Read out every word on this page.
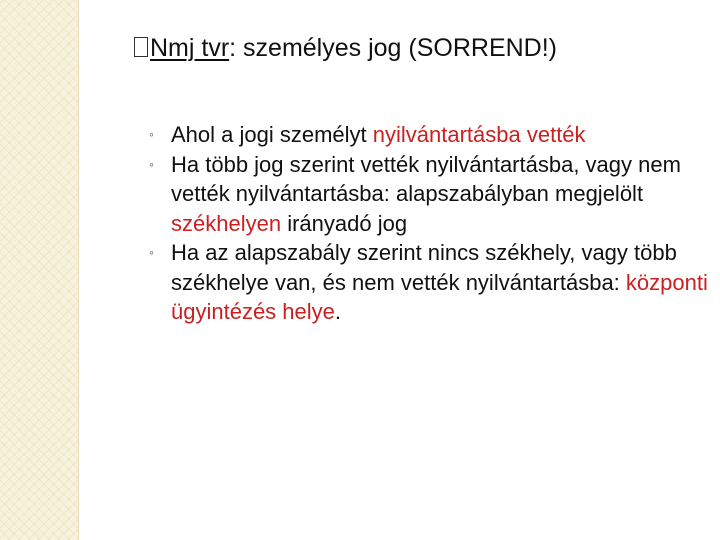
Nmj tvr: személyes jog (SORREND!)
◦ Ahol a jogi személyt nyilvántartásba vették
◦ Ha több jog szerint vették nyilvántartásba, vagy nem vették nyilvántartásba: alapszabályban megjelölt székhelyen irányadó jog
◦ Ha az alapszabály szerint nincs székhely, vagy több székhelye van, és nem vették nyilvántartásba: központi ügyintézés helye.
